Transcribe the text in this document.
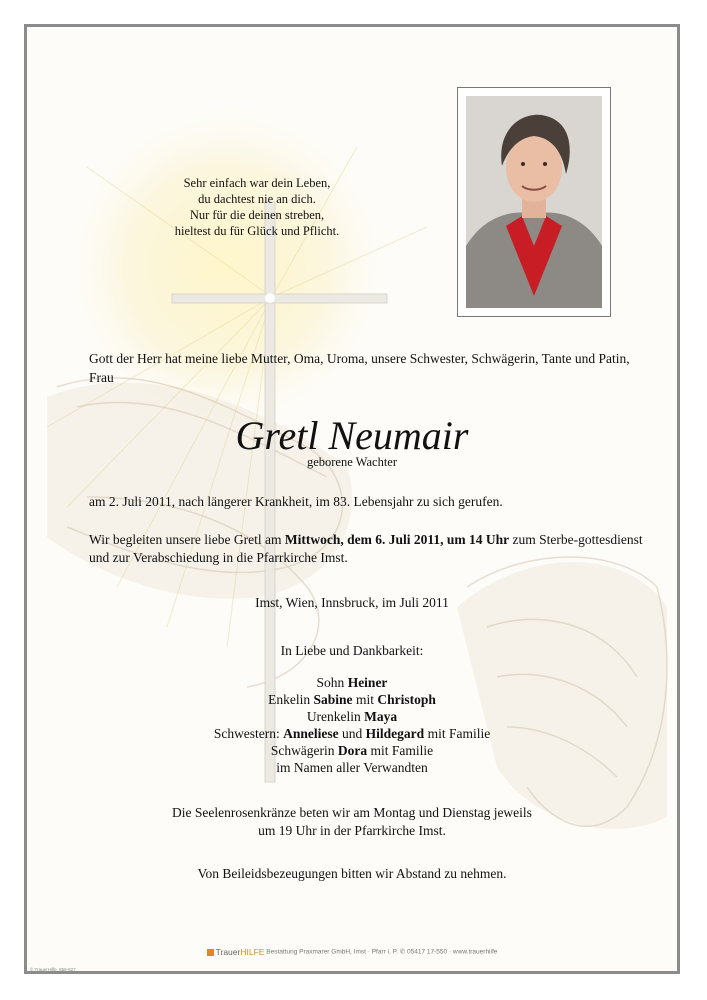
Sehr einfach war dein Leben,
du dachtest nie an dich.
Nur für die deinen streben,
hieltest du für Glück und Pflicht.
Gott der Herr hat meine liebe Mutter, Oma, Uroma, unsere Schwester, Schwägerin, Tante und Patin, Frau
Gretl Neumair
geborene Wachter
am 2. Juli 2011, nach längerer Krankheit, im 83. Lebensjahr zu sich gerufen.
Wir begleiten unsere liebe Gretl am Mittwoch, dem 6. Juli 2011, um 14 Uhr zum Sterbe-gottesdienst und zur Verabschiedung in die Pfarrkirche Imst.
Imst, Wien, Innsbruck, im Juli 2011
In Liebe und Dankbarkeit:
Sohn Heiner
Enkelin Sabine mit Christoph
Urenkelin Maya
Schwestern: Anneliese und Hildegard mit Familie
Schwägerin Dora mit Familie
im Namen aller Verwandten
Die Seelenrosenkränze beten wir am Montag und Dienstag jeweils
um 19 Uhr in der Pfarrkirche Imst.
Von Beileidsbezeugungen bitten wir Abstand zu nehmen.
TrauerHILFE Bestattung Praxmarer GmbH, Imst · Pfarr i. P. ✆ 05417 17-550 · www.trauerhilfe
© TrauerHilfe, 858-827
